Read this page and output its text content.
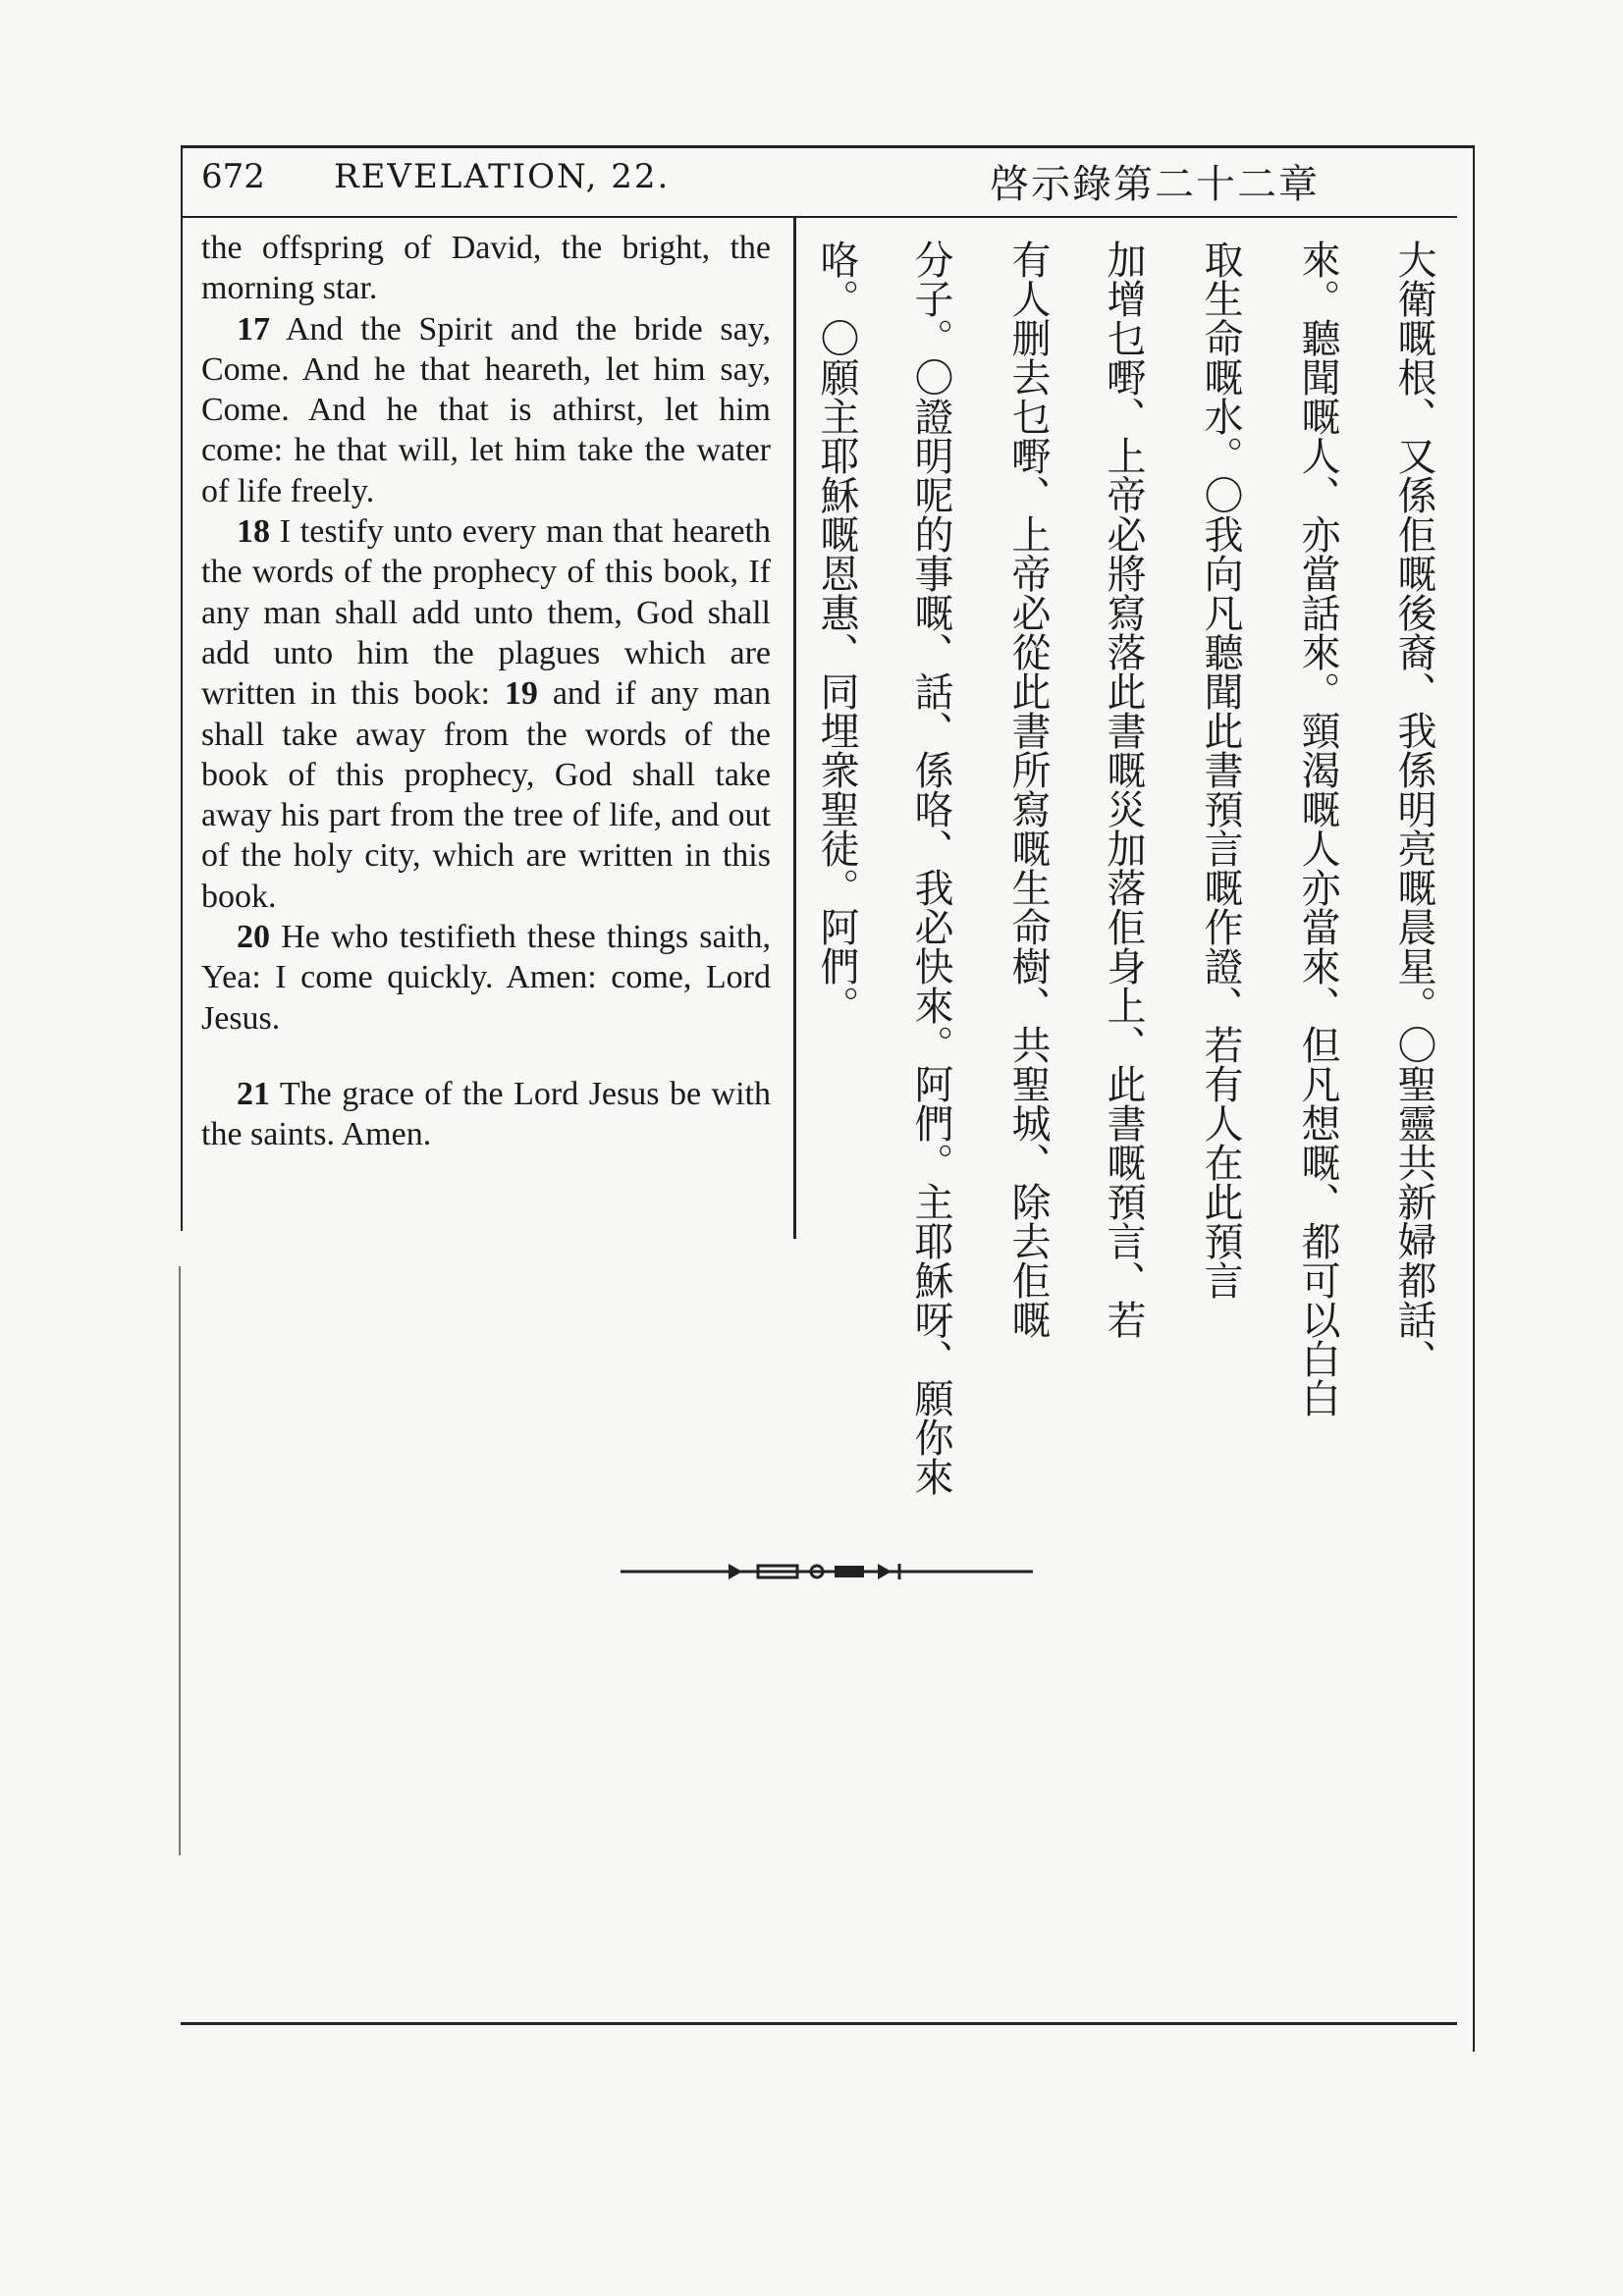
672 REVELATION, 22.	啓示錄第二十二章

the offspring of David, the bright, the morning star.

17 And the Spirit and the bride say, Come. And he that heareth, let him say, Come. And he that is athirst, let him come: he that will, let him take the water of life freely.

18 I testify unto every man that heareth the words of the prophecy of this book, If any man shall add unto them, God shall add unto him the plagues which are written in this book: 19 and if any man shall take away from the words of the book of this prophecy, God shall take away his part from the tree of life, and out of the holy city, which are written in this book.

20 He who testifieth these things saith, Yea: I come quickly. Amen: come, Lord Jesus.

21 The grace of the Lord Jesus be with the saints. Amen.	大衛嘅根、又係佢嘅後裔、我係明亮嘅晨星。〇聖靈共新婦都話、
來。聽聞嘅人、亦當話來。頸渴嘅人亦當來、但凡想嘅、都可以白白
取生命嘅水。〇我向凡聽聞此書預言嘅作證、若有人在此預言
加增乜嘢、上帝必將寫落此書嘅災加落佢身上、此書嘅預言、若
有人删去乜嘢、上帝必從此書所寫嘅生命樹、共聖城、除去佢嘅
分子。〇證明呢的事嘅、話、係咯、我必快來。阿們。主耶穌呀、願你來
咯。〇願主耶穌嘅恩惠、同埋衆聖徒。阿們。
